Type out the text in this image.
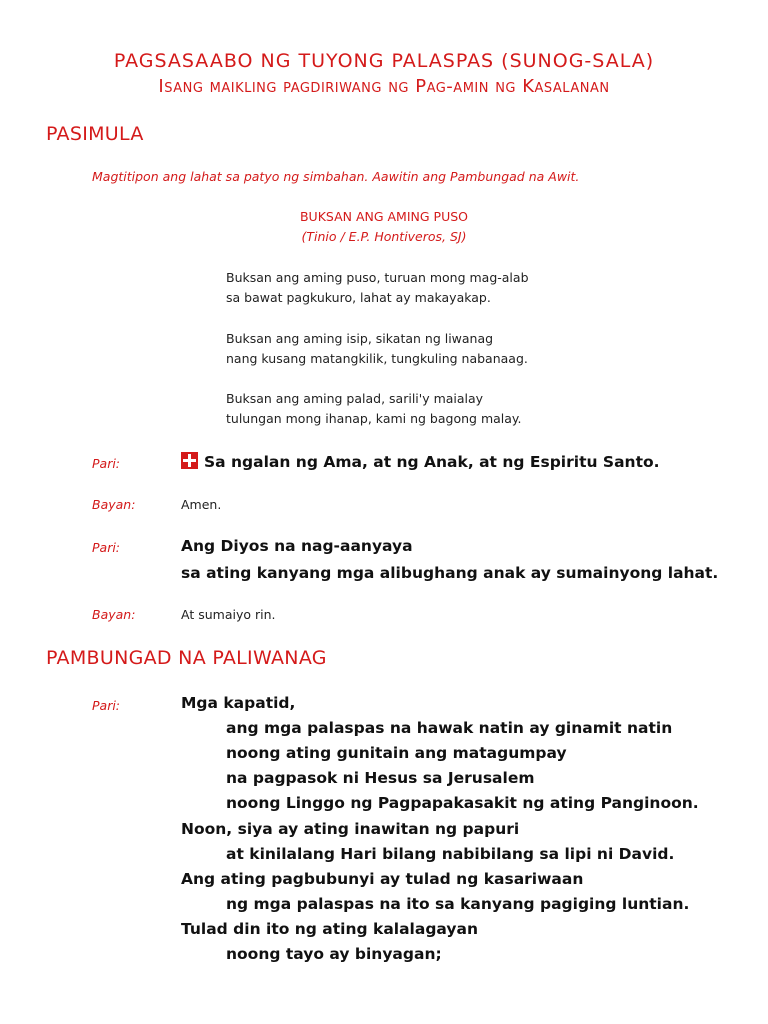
PAGSASAABO NG TUYONG PALASPAS (SUNOG-SALA)
Isang maikling pagdiriwang ng Pag-amin ng Kasalanan
PASIMULA
Magtitipon ang lahat sa patyo ng simbahan. Aawitin ang Pambungad na Awit.
BUKSAN ANG AMING PUSO
(Tinio / E.P. Hontiveros, SJ)
Buksan ang aming puso, turuan mong mag-alab
sa bawat pagkukuro, lahat ay makayakap.
Buksan ang aming isip, sikatan ng liwanag
nang kusang matangkilik, tungkuling nabanaag.
Buksan ang aming palad, sarili'y maialay
tulungan mong ihanap, kami ng bagong malay.
Pari:	Sa ngalan ng Ama, at ng Anak, at ng Espiritu Santo.
Bayan:	Amen.
Pari:	Ang Diyos na nag-aanyaya
sa ating kanyang mga alibughang anak ay sumainyong lahat.
Bayan:	At sumaiyo rin.
PAMBUNGAD NA PALIWANAG
Pari:	Mga kapatid,
ang mga palaspas na hawak natin ay ginamit natin
noong ating gunitain ang matagumpay
na pagpasok ni Hesus sa Jerusalem
noong Linggo ng Pagpapakasakit ng ating Panginoon.
Noon, siya ay ating inawitan ng papuri
at kinilalang Hari bilang nabibilang sa lipi ni David.
Ang ating pagbubunyi ay tulad ng kasariwaan
ng mga palaspas na ito sa kanyang pagiging luntian.
Tulad din ito ng ating kalalagayan
noong tayo ay binyagan;
